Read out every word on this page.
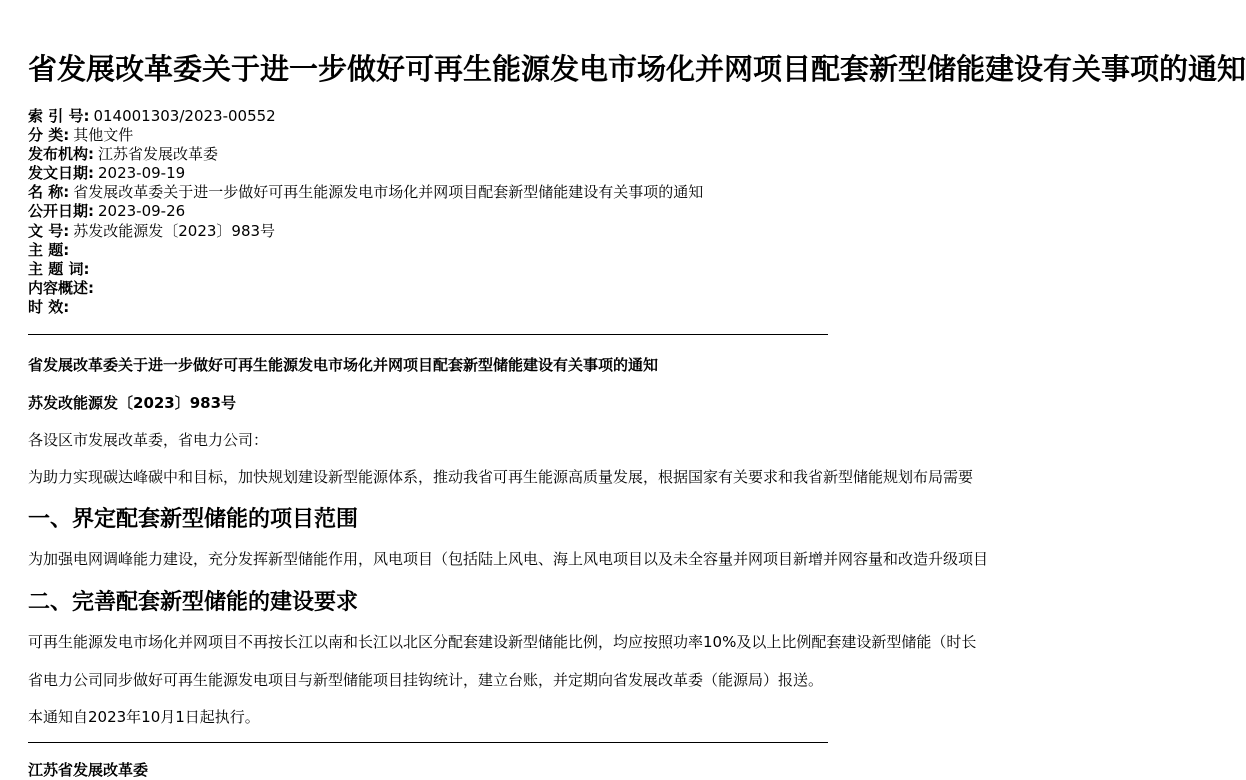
省发展改革委关于进一步做好可再生能源发电市场化并网项目配套新型储能建设有关事项的通知
索 引 号: 014001303/2023-00552
分 类: 其他文件
发布机构: 江苏省发展改革委
发文日期: 2023-09-19
名 称: 省发展改革委关于进一步做好可再生能源发电市场化并网项目配套新型储能建设有关事项的通知
公开日期: 2023-09-26
文 号: 苏发改能源发〔2023〕983号
主 题:
主 题 词:
内容概述:
时 效:
省发展改革委关于进一步做好可再生能源发电市场化并网项目配套新型储能建设有关事项的通知
苏发改能源发〔2023〕983号
各设区市发展改革委，省电力公司：
为助力实现碳达峰碳中和目标，加快规划建设新型能源体系，推动我省可再生能源高质量发展，根据国家有关要求和我省新型储能规划布局需要
一、界定配套新型储能的项目范围
为加强电网调峰能力建设，充分发挥新型储能作用，风电项目（包括陆上风电、海上风电项目以及未全容量并网项目新增并网容量和改造升级项目
二、完善配套新型储能的建设要求
可再生能源发电市场化并网项目不再按长江以南和长江以北区分配套建设新型储能比例，均应按照功率10%及以上比例配套建设新型储能（时长
省电力公司同步做好可再生能源发电项目与新型储能项目挂钩统计，建立台账，并定期向省发展改革委（能源局）报送。
本通知自2023年10月1日起执行。
江苏省发展改革委
